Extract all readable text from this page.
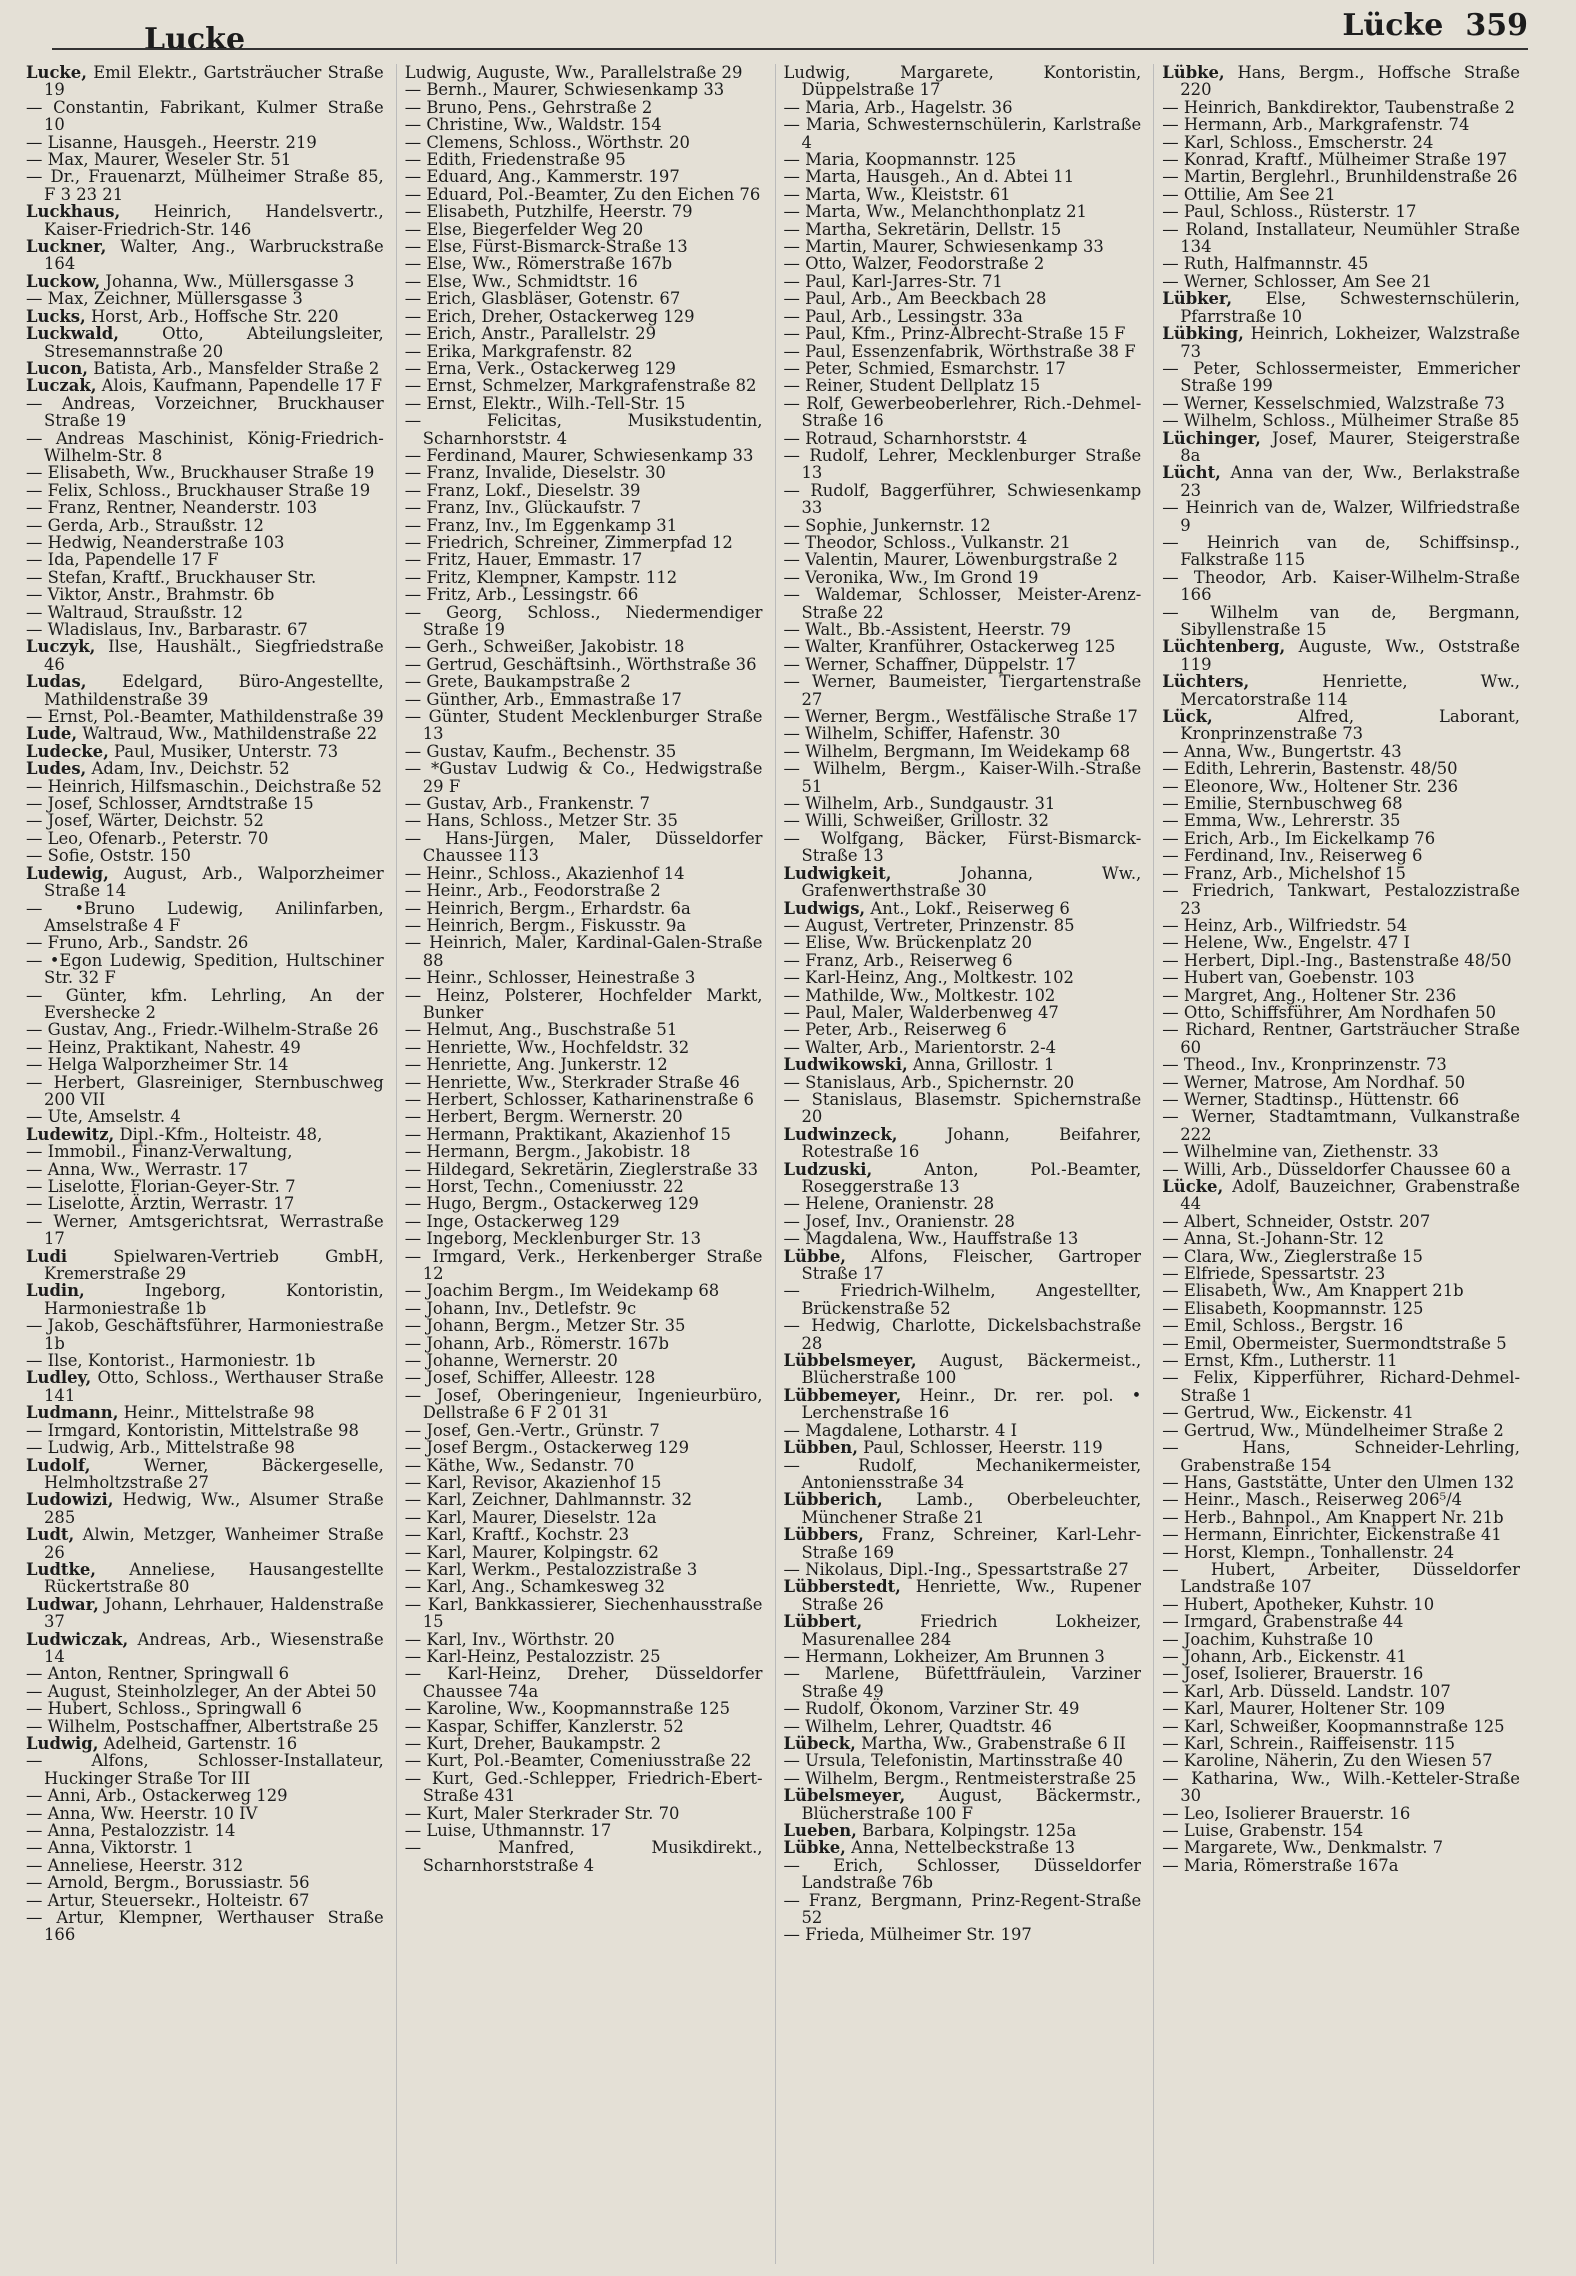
Lucke	Lücke 359
Lucke, Emil Elektr., Gartsträucher Straße 19
— Constantin, Fabrikant, Kulmer Straße 10
— Lisanne, Hausgeh., Heerstr. 219
— Max, Maurer, Weseler Str. 51
— Dr., Frauenarzt, Mülheimer Straße 85, F 3 23 21
Luckhaus, Heinrich, Handelsvertr., Kaiser-Friedrich-Str. 146
Luckner, Walter, Ang., Warbruckstraße 164
Luckow, Johanna, Ww., Müllersgasse 3
— Max, Zeichner, Müllersgasse 3
Lucks, Horst, Arb., Hoffsche Str. 220
Luckwald,	Otto, Abteilungsleiter, Stresemannstraße 20
Lucon, Batista, Arb., Mansfelder Straße 2
Luczak, Alois, Kaufmann, Papendelle 17 F
— Andreas, Vorzeichner, Bruckhauser Straße 19
— Andreas Maschinist, König-Friedrich-Wilhelm-Str. 8
— Elisabeth, Ww., Bruckhauser Straße 19
— Felix, Schloss., Bruckhauser Straße 19
— Franz, Rentner, Neanderstr. 103
— Gerda, Arb., Straußstr. 12
— Hedwig, Neanderstraße 103
— Ida, Papendelle 17 F
— Stefan, Kraftf., Bruckhauser Str.
— Viktor, Anstr., Brahmstr. 6b
— Waltraud, Straußstr. 12
— Wladislaus, Inv., Barbarastr. 67
Luczyk, Ilse, Haushält., Siegfriedstraße 46
Ludas, Edelgard, Büro-Angestellte, Mathildenstraße 39
— Ernst, Pol.-Beamter, Mathildenstraße 39
Lude, Waltraud, Ww., Mathildenstraße 22
Ludecke, Paul, Musiker, Unterstr. 73
Ludes, Adam, Inv., Deichstr. 52
— Heinrich, Hilfsmaschin., Deichstraße 52
— Josef, Schlosser, Arndtstraße 15
— Josef, Wärter, Deichstr. 52
— Leo, Ofenarb., Peterstr. 70
— Sofie, Oststr. 150
Ludewig, August, Arb., Walporzheimer Straße 14
— •Bruno Ludewig, Anilinfarben, Amselstraße 4 F
— Fruno, Arb., Sandstr. 26
— •Egon Ludewig, Spedition, Hultschiner Str. 32 F
— Günter, kfm. Lehrling, An der Evershecke 2
— Gustav, Ang., Friedr.-Wilhelm-Straße 26
— Heinz, Praktikant, Nahestr. 49
— Helga Walporzheimer Str. 14
— Herbert, Glasreiniger, Sternbuschweg 200 VII
— Ute, Amselstr. 4
Ludewitz, Dipl.-Kfm., Holteistr. 48,
— Immobil., Finanz-Verwaltung,
— Anna, Ww., Werrastr. 17
— Liselotte, Florian-Geyer-Str. 7
— Liselotte, Ärztin, Werrastr. 17
— Werner, Amtsgerichtsrat, Werrastraße 17
Ludi	Spielwaren-Vertrieb GmbH, Kremerstraße 29
Ludin,	Ingeborg, Kontoristin, Harmoniestraße 1b
— Jakob, Geschäftsführer, Harmoniestraße 1b
— Ilse, Kontorist., Harmoniestr. 1b
Ludley, Otto, Schloss., Werthauser Straße 141
Ludmann, Heinr., Mittelstraße 98
— Irmgard, Kontoristin, Mittelstraße 98
— Ludwig, Arb., Mittelstraße 98
Ludolf,	Werner, Bäckergeselle, Helmholtzstraße 27
Ludowizi, Hedwig, Ww., Alsumer Straße 285
Ludt, Alwin, Metzger, Wanheimer Straße 26
Ludtke, Anneliese, Hausangestellte Rückertstraße 80
Ludwar, Johann, Lehrhauer, Haldenstraße 37
Ludwiczak, Andreas, Arb., Wiesenstraße 14
— Anton, Rentner, Springwall 6
— August, Steinholzleger, An der Abtei 50
— Hubert, Schloss., Springwall 6
— Wilhelm, Postschaffner, Albertstraße 25
Ludwig, Adelheid, Gartenstr. 16
— Alfons, Schlosser-Installateur, Huckinger Straße Tor III
— Anni, Arb., Ostackerweg 129
— Anna, Ww. Heerstr. 10 IV
— Anna, Pestalozzistr. 14
— Anna, Viktorstr. 1
— Anneliese, Heerstr. 312
— Arnold, Bergm., Borussiastr. 56
— Artur, Steuersekr., Holteistr. 67
— Artur, Klempner, Werthauser Straße 166
Ludwig, Auguste, Ww., Parallelstraße 29
— Bernh., Maurer, Schwiesenkamp 33
— Bruno, Pens., Gehrstraße 2
— Christine, Ww., Waldstr. 154
— Clemens, Schloss., Wörthstr. 20
— Edith, Friedenstraße 95
— Eduard, Ang., Kammerstr. 197
— Eduard, Pol.-Beamter, Zu den Eichen 76
— Elisabeth, Putzhilfe, Heerstr. 79
— Else, Biegerfelder Weg 20
— Else, Fürst-Bismarck-Straße 13
— Else, Ww., Römerstraße 167b
— Else, Ww., Schmidtstr. 16
— Erich, Glasbläser, Gotenstr. 67
— Erich, Dreher, Ostackerweg 129
— Erich, Anstr., Parallelstr. 29
— Erika, Markgrafenstr. 82
— Erna, Verk., Ostackerweg 129
— Ernst, Schmelzer, Markgrafenstraße 82
— Ernst, Elektr., Wilh.-Tell-Str. 15
— Felicitas, Musikstudentin, Scharnhorststr. 4
— Ferdinand, Maurer, Schwiesenkamp 33
— Franz, Invalide, Dieselstr. 30
— Franz, Lokf., Dieselstr. 39
— Franz, Inv., Glückaufstr. 7
— Franz, Inv., Im Eggenkamp 31
— Friedrich, Schreiner, Zimmerpfad 12
— Fritz, Hauer, Emmastr. 17
— Fritz, Klempner, Kampstr. 112
— Fritz, Arb., Lessingstr. 66
— Georg, Schloss., Niedermendiger Straße 19
— Gerh., Schweißer, Jakobistr. 18
— Gertrud, Geschäftsinh., Wörthstraße 36
— Grete, Baukampstraße 2
— Günther, Arb., Emmastraße 17
— Günter, Student Mecklenburger Straße 13
— Gustav, Kaufm., Bechenstr. 35
— *Gustav Ludwig & Co., Hedwigstraße 29 F
— Gustav, Arb., Frankenstr. 7
— Hans, Schloss., Metzer Str. 35
— Hans-Jürgen, Maler, Düsseldorfer Chaussee 113
— Heinr., Schloss., Akazienhof 14
— Heinr., Arb., Feodorstraße 2
— Heinrich, Bergm., Erhardstr. 6a
— Heinrich, Bergm., Fiskusstr. 9a
— Heinrich, Maler, Kardinal-Galen-Straße 88
— Heinr., Schlosser, Heinestraße 3
— Heinz, Polsterer, Hochfelder Markt, Bunker
— Helmut, Ang., Buschstraße 51
— Henriette, Ww., Hochfeldstr. 32
— Henriette, Ang. Junkerstr. 12
— Henriette, Ww., Sterkrader Straße 46
— Herbert, Schlosser, Katharinenstraße 6
— Herbert, Bergm. Wernerstr. 20
— Hermann, Praktikant, Akazienhof 15
— Hermann, Bergm., Jakobistr. 18
— Hildegard, Sekretärin, Zieglerstraße 33
— Horst, Techn., Comeniusstr. 22
— Hugo, Bergm., Ostackerweg 129
— Inge, Ostackerweg 129
— Ingeborg, Mecklenburger Str. 13
— Irmgard, Verk., Herkenberger Straße 12
— Joachim Bergm., Im Weidekamp 68
— Johann, Inv., Detlefstr. 9c
— Johann, Bergm., Metzer Str. 35
— Johann, Arb., Römerstr. 167b
— Johanne, Wernerstr. 20
— Josef, Schiffer, Alleestr. 128
— Josef, Oberingenieur, Ingenieurbüro, Dellstraße 6 F 2 01 31
— Josef, Gen.-Vertr., Grünstr. 7
— Josef Bergm., Ostackerweg 129
— Käthe, Ww., Sedanstr. 70
— Karl, Revisor, Akazienhof 15
— Karl, Zeichner, Dahlmannstr. 32
— Karl, Maurer, Dieselstr. 12a
— Karl, Kraftf., Kochstr. 23
— Karl, Maurer, Kolpingstr. 62
— Karl, Werkm., Pestalozzistraße 3
— Karl, Ang., Schamkesweg 32
— Karl, Bankkassierer, Siechenhausstraße 15
— Karl, Inv., Wörthstr. 20
— Karl-Heinz, Pestalozzistr. 25
— Karl-Heinz, Dreher, Düsseldorfer Chaussee 74a
— Karoline, Ww., Koopmannstraße 125
— Kaspar, Schiffer, Kanzlerstr. 52
— Kurt, Dreher, Baukampstr. 2
— Kurt, Pol.-Beamter, Comeniusstraße 22
— Kurt, Ged.-Schlepper, Friedrich-Ebert-Straße 431
— Kurt, Maler Sterkrader Str. 70
— Luise, Uthmannstr. 17
— Manfred, Musikdirekt., Scharnhorststraße 4
Ludwig, Margarete, Kontoristin, Düppelstraße 17
— Maria, Arb., Hagelstr. 36
— Maria, Schwesternschülerin, Karlstraße 4
— Maria, Koopmannstr. 125
— Marta, Hausgeh., An d. Abtei 11
— Marta, Ww., Kleiststr. 61
— Marta, Ww., Melanchthonplatz 21
— Martha, Sekretärin, Dellstr. 15
— Martin, Maurer, Schwiesenkamp 33
— Otto, Walzer, Feodorstraße 2
— Paul, Karl-Jarres-Str. 71
— Paul, Arb., Am Beeckbach 28
— Paul, Arb., Lessingstr. 33a
— Paul, Kfm., Prinz-Albrecht-Straße 15 F
— Paul, Essenzenfabrik, Wörthstraße 38 F
— Peter, Schmied, Esmarchstr. 17
— Reiner, Student Dellplatz 15
— Rolf, Gewerbeoberlehrer, Rich.-Dehmel-Straße 16
— Rotraud, Scharnhorststr. 4
— Rudolf, Lehrer, Mecklenburger Straße 13
— Rudolf, Baggerführer, Schwiesenkamp 33
— Sophie, Junkernstr. 12
— Theodor, Schloss., Vulkanstr. 21
— Valentin, Maurer, Löwenburgstraße 2
— Veronika, Ww., Im Grond 19
— Waldemar, Schlosser, Meister-Arenz-Straße 22
— Walt., Bb.-Assistent, Heerstr. 79
— Walter, Kranführer, Ostackerweg 125
— Werner, Schaffner, Düppelstr. 17
— Werner, Baumeister, Tiergartenstraße 27
— Werner, Bergm., Westfälische Straße 17
— Wilhelm, Schiffer, Hafenstr. 30
— Wilhelm, Bergmann, Im Weidekamp 68
— Wilhelm, Bergm., Kaiser-Wilh.-Straße 51
— Wilhelm, Arb., Sundgaustr. 31
— Willi, Schweißer, Grillostr. 32
— Wolfgang, Bäcker, Fürst-Bismarck-Straße 13
Ludwigkeit,	Johanna, Ww., Grafenwerthstraße 30
Ludwigs, Ant., Lokf., Reiserweg 6
— August, Vertreter, Prinzenstr. 85
— Elise, Ww. Brückenplatz 20
— Franz, Arb., Reiserweg 6
— Karl-Heinz, Ang., Moltkestr. 102
— Mathilde, Ww., Moltkestr. 102
— Paul, Maler, Walderbenweg 47
— Peter, Arb., Reiserweg 6
— Walter, Arb., Marientorstr. 2-4
Ludwikowski, Anna, Grillostr. 1
— Stanislaus, Arb., Spichernstr. 20
— Stanislaus, Blasemstr. Spichernstraße 20
Ludwinzeck,	Johann, Beifahrer, Rotestraße 16
Ludzuski,	Anton, Pol.-Beamter, Roseggerstraße 13
— Helene, Oranienstr. 28
— Josef, Inv., Oranienstr. 28
— Magdalena, Ww., Hauffstraße 13
Lübbe, Alfons, Fleischer, Gartroper Straße 17
— Friedrich-Wilhelm, Angestellter, Brückenstraße 52
— Hedwig, Charlotte, Dickelsbachstraße 28
Lübbelsmeyer, August, Bäckermeist., Blücherstraße 100
Lübbemeyer, Heinr., Dr. rer. pol. • Lerchenstraße 16
— Magdalene, Lotharstr. 4 I
Lübben, Paul, Schlosser, Heerstr. 119
— Rudolf, Mechanikermeister, Antoniensstraße 34
Lübberich, Lamb., Oberbeleuchter, Münchener Straße 21
Lübbers, Franz, Schreiner, Karl-Lehr-Straße 169
— Nikolaus, Dipl.-Ing., Spessartstraße 27
Lübberstedt, Henriette, Ww., Rupener Straße 26
Lübbert,	Friedrich Lokheizer, Masurenallee 284
— Hermann, Lokheizer, Am Brunnen 3
— Marlene, Büfettfräulein, Varziner Straße 49
— Rudolf, Ökonom, Varziner Str. 49
— Wilhelm, Lehrer, Quadtstr. 46
Lübeck, Martha, Ww., Grabenstraße 6 II
— Ursula, Telefonistin, Martinsstraße 40
— Wilhelm, Bergm., Rentmeisterstraße 25
Lübelsmeyer, August, Bäckermstr., Blücherstraße 100 F
Lueben, Barbara, Kolpingstr. 125a
Lübke, Anna, Nettelbeckstraße 13
— Erich, Schlosser, Düsseldorfer Landstraße 76b
— Franz, Bergmann, Prinz-Regent-Straße 52
— Frieda, Mülheimer Str. 197
Lübke, Hans, Bergm., Hoffsche Straße 220
— Heinrich, Bankdirektor, Taubenstraße 2
— Hermann, Arb., Markgrafenstr. 74
— Karl, Schloss., Emscherstr. 24
— Konrad, Kraftf., Mülheimer Straße 197
— Martin, Berglehrl., Brunhildenstraße 26
— Ottilie, Am See 21
— Paul, Schloss., Rüsterstr. 17
— Roland, Installateur, Neumühler Straße 134
— Ruth, Halfmannstr. 45
— Werner, Schlosser, Am See 21
Lübker, Else, Schwesternschülerin, Pfarrstraße 10
Lübking, Heinrich, Lokheizer, Walzstraße 73
— Peter, Schlossermeister, Emmericher Straße 199
— Werner, Kesselschmied, Walzstraße 73
— Wilhelm, Schloss., Mülheimer Straße 85
Lüchinger, Josef, Maurer, Steigerstraße 8a
Lücht, Anna van der, Ww., Berlakstraße 23
— Heinrich van de, Walzer, Wilfriedstraße 9
— Heinrich van de, Schiffsinsp., Falkstraße 115
— Theodor, Arb. Kaiser-Wilhelm-Straße 166
— Wilhelm van de, Bergmann, Sibyllenstraße 15
Lüchtenberg, Auguste, Ww., Oststraße 119
Lüchters,	Henriette, Ww., Mercatorstraße 114
Lück,	Alfred, Laborant, Kronprinzenstraße 73
— Anna, Ww., Bungertstr. 43
— Edith, Lehrerin, Bastenstr. 48/50
— Eleonore, Ww., Holtener Str. 236
— Emilie, Sternbuschweg 68
— Emma, Ww., Lehrerstr. 35
— Erich, Arb., Im Eickelkamp 76
— Ferdinand, Inv., Reiserweg 6
— Franz, Arb., Michelshof 15
— Friedrich, Tankwart, Pestalozzistraße 23
— Heinz, Arb., Wilfriedstr. 54
— Helene, Ww., Engelstr. 47 I
— Herbert, Dipl.-Ing., Bastenstraße 48/50
— Hubert van, Goebenstr. 103
— Margret, Ang., Holtener Str. 236
— Otto, Schiffsführer, Am Nordhafen 50
— Richard, Rentner, Gartsträucher Straße 60
— Theod., Inv., Kronprinzenstr. 73
— Werner, Matrose, Am Nordhaf. 50
— Werner, Stadtinsp., Hüttenstr. 66
— Werner, Stadtamtmann, Vulkanstraße 222
— Wilhelmine van, Ziethenstr. 33
— Willi, Arb., Düsseldorfer Chaussee 60 a
Lücke, Adolf, Bauzeichner, Grabenstraße 44
— Albert, Schneider, Oststr. 207
— Anna, St.-Johann-Str. 12
— Clara, Ww., Zieglerstraße 15
— Elfriede, Spessartstr. 23
— Elisabeth, Ww., Am Knappert 21b
— Elisabeth, Koopmannstr. 125
— Emil, Schloss., Bergstr. 16
— Emil, Obermeister, Suermondtstraße 5
— Ernst, Kfm., Lutherstr. 11
— Felix, Kipperführer, Richard-Dehmel-Straße 1
— Gertrud, Ww., Eickenstr. 41
— Gertrud, Ww., Mündelheimer Straße 2
— Hans, Schneider-Lehrling, Grabenstraße 154
— Hans, Gaststätte, Unter den Ulmen 132
— Heinr., Masch., Reiserweg 206⁵/4
— Herb., Bahnpol., Am Knappert Nr. 21b
— Hermann, Einrichter, Eickenstraße 41
— Horst, Klempn., Tonhallenstr. 24
— Hubert, Arbeiter, Düsseldorfer Landstraße 107
— Hubert, Apotheker, Kuhstr. 10
— Irmgard, Grabenstraße 44
— Joachim, Kuhstraße 10
— Johann, Arb., Eickenstr. 41
— Josef, Isolierer, Brauerstr. 16
— Karl, Arb. Düsseld. Landstr. 107
— Karl, Maurer, Holtener Str. 109
— Karl, Schweißer, Koopmannstraße 125
— Karl, Schrein., Raiffeisenstr. 115
— Karoline, Näherin, Zu den Wiesen 57
— Katharina, Ww., Wilh.-Ketteler-Straße 30
— Leo, Isolierer Brauerstr. 16
— Luise, Grabenstr. 154
— Margarete, Ww., Denkmalstr. 7
— Maria, Römerstraße 167a
